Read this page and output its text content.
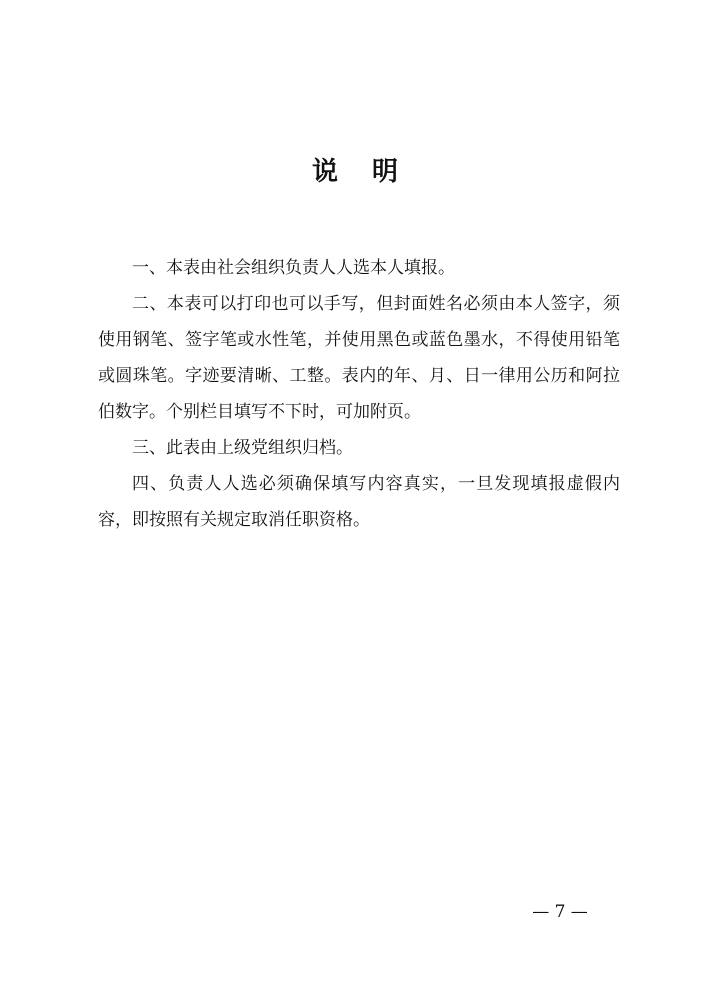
说明

一、本表由社会组织负责人人选本人填报。

二、本表可以打印也可以手写，但封面姓名必须由本人签字，须使用钢笔、签字笔或水性笔，并使用黑色或蓝色墨水，不得使用铅笔或圆珠笔。字迹要清晰、工整。表内的年、月、日一律用公历和阿拉伯数字。个别栏目填写不下时，可加附页。

三、此表由上级党组织归档。

四、负责人人选必须确保填写内容真实，一旦发现填报虚假内容，即按照有关规定取消任职资格。

— 7 —
